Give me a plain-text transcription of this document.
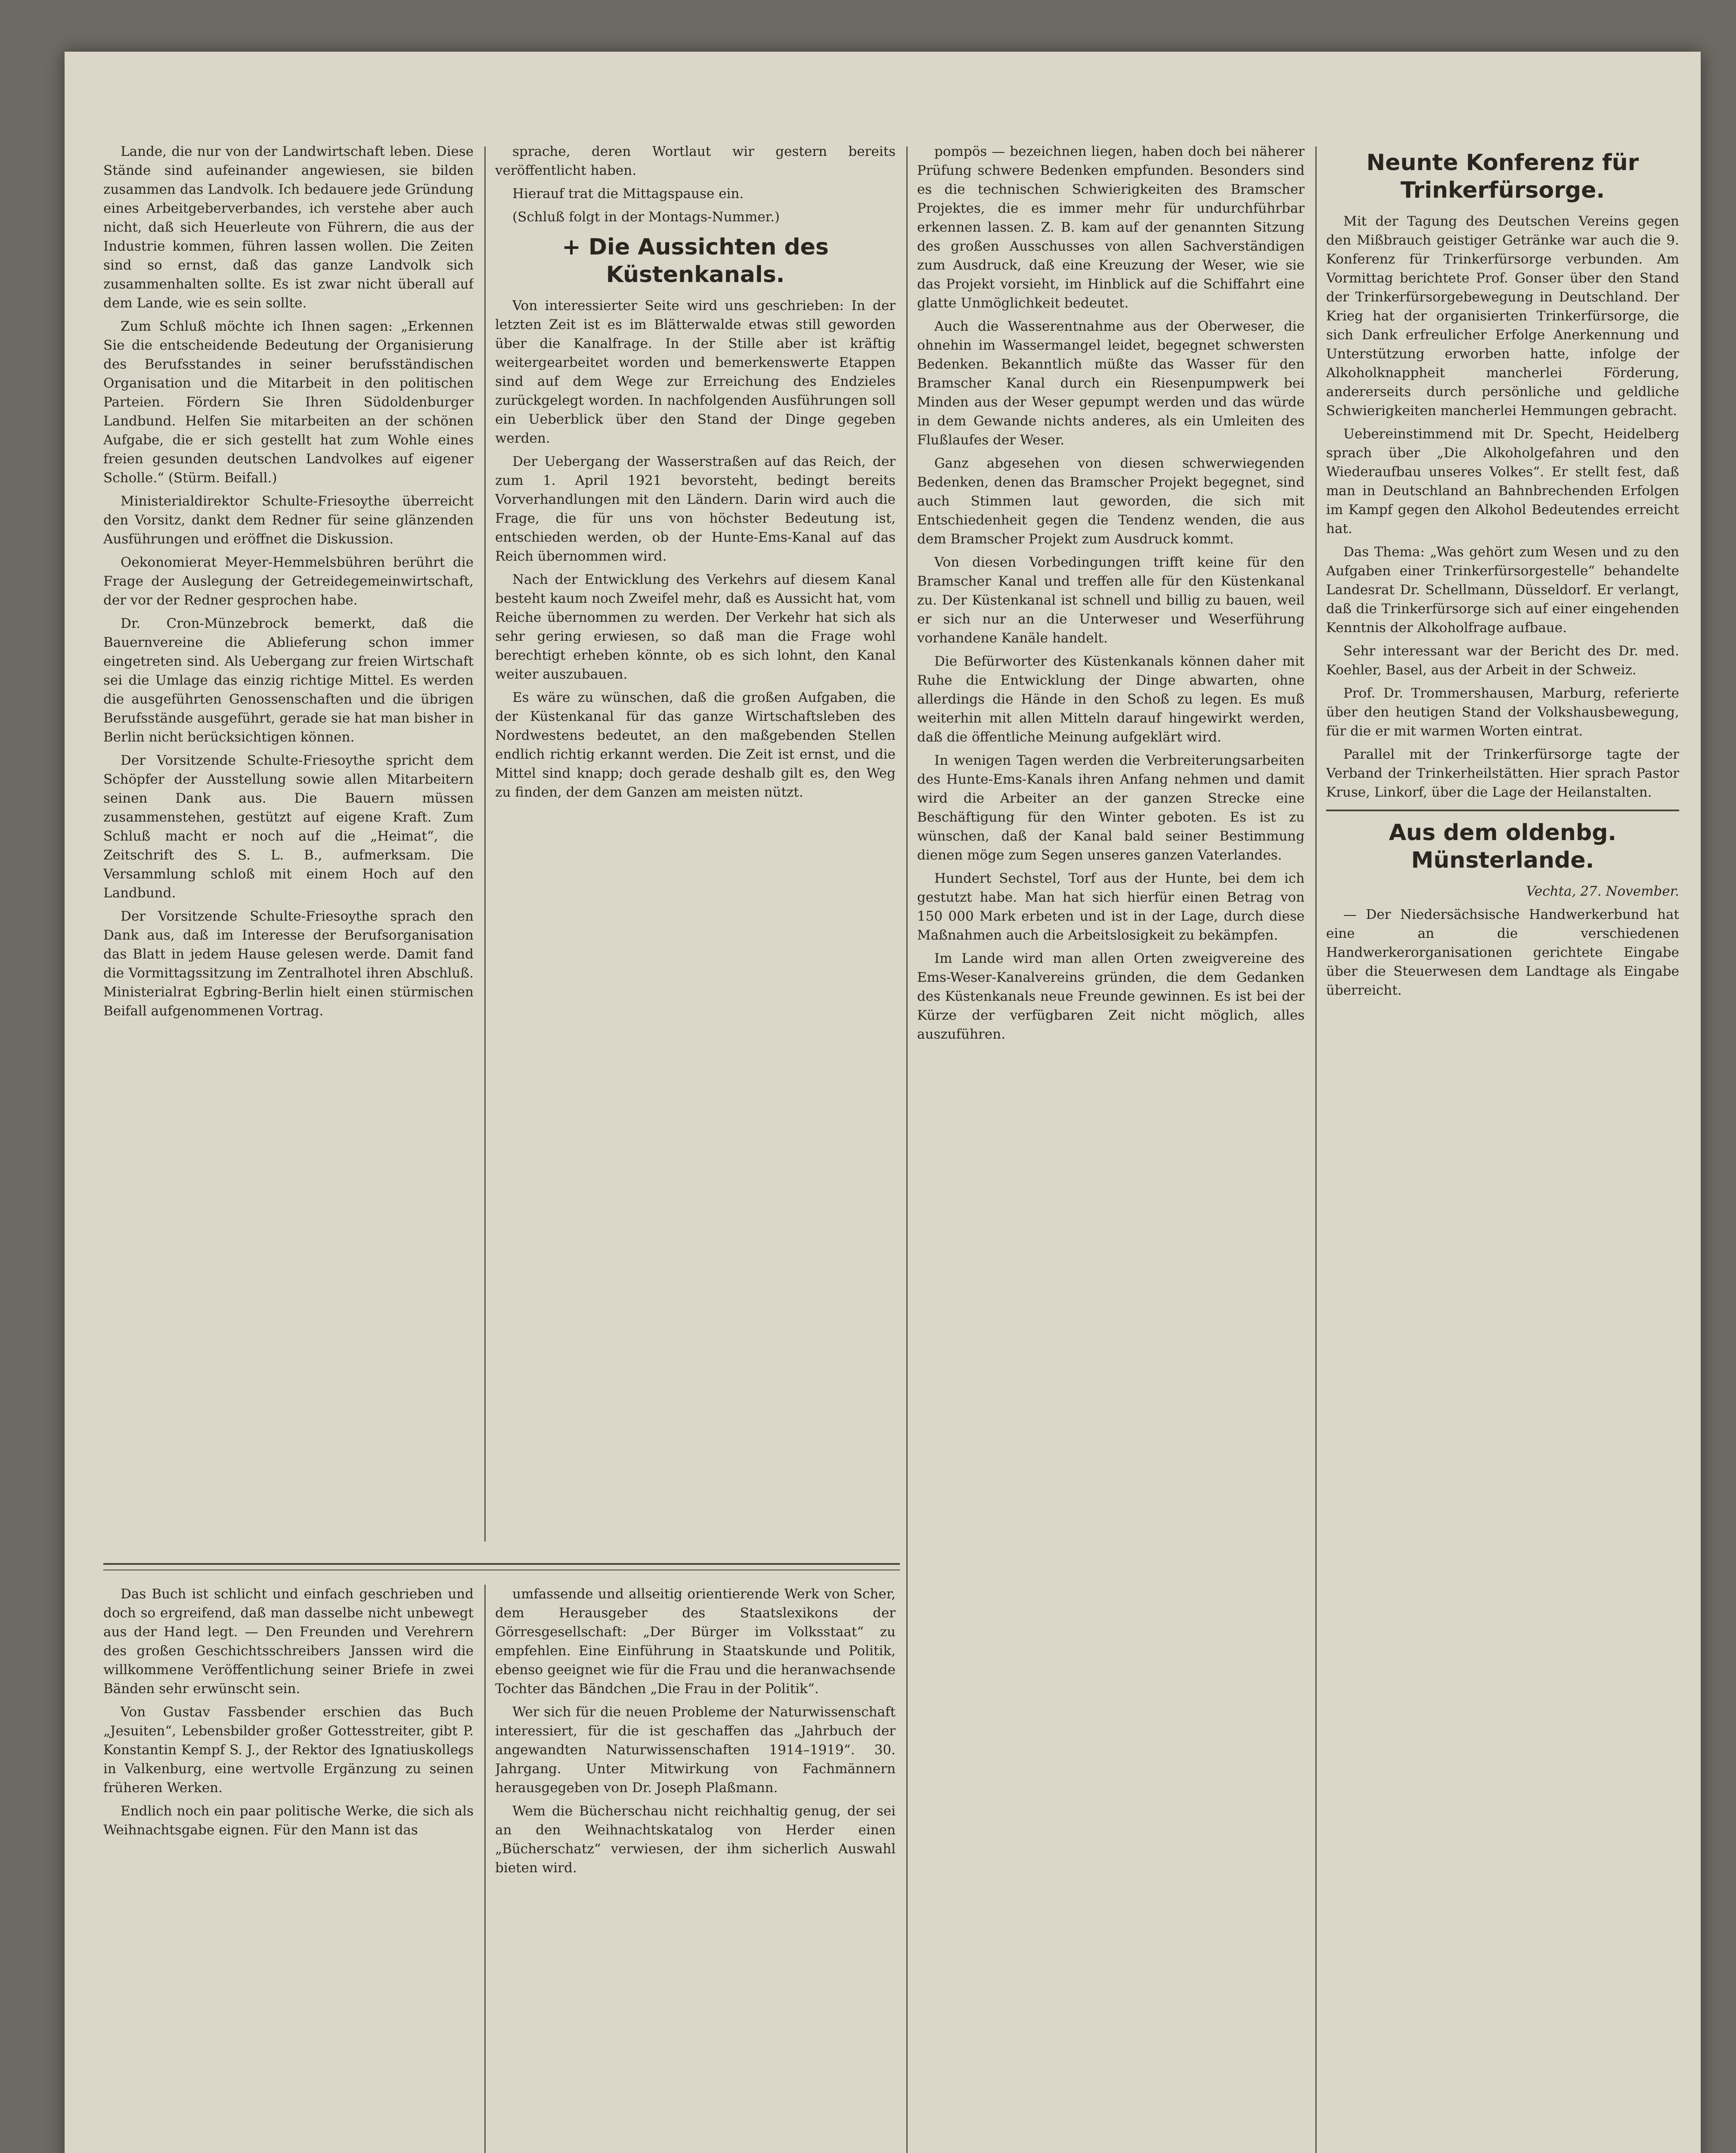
Lande, die nur von der Landwirtschaft leben. Diese Stände sind aufeinander angewiesen, sie bilden zusammen das Landvolk. Ich bedauere jede Gründung eines Arbeitgeberverbandes, ich verstehe aber auch nicht, daß sich Heuerleute von Führern, die aus der Industrie kommen, führen lassen wollen. Die Zeiten sind so ernst, daß das ganze Landvolk sich zusammenhalten sollte. Es ist zwar nicht überall auf dem Lande, wie es sein sollte.

Zum Schluß möchte ich Ihnen sagen: „Erkennen Sie die entscheidende Bedeutung der Organisierung des Berufsstandes in seiner berufsständischen Organisation und die Mitarbeit in den politischen Parteien. Fördern Sie Ihren Südoldenburger Landbund. Helfen Sie mitarbeiten an der schönen Aufgabe, die er sich gestellt hat zum Wohle eines freien gesunden deutschen Landvolkes auf eigener Scholle.“ (Stürm. Beifall.)

Ministerialdirektor Schulte-Friesoythe überreicht den Vorsitz, dankt dem Redner für seine glänzenden Ausführungen und eröffnet die Diskussion.

Oekonomierat Meyer-Hemmelsbühren berührt die Frage der Auslegung der Getreidegemeinwirtschaft, der vor der Redner gesprochen habe.

Dr. Cron-Münzebrock bemerkt, daß die Bauernvereine die Ablieferung schon immer eingetreten sind. Als Uebergang zur freien Wirtschaft sei die Umlage das einzig richtige Mittel. Es werden die ausgeführten Genossenschaften und die übrigen Berufsstände ausgeführt, gerade sie hat man bisher in Berlin nicht berücksichtigen können.

Der Vorsitzende Schulte-Friesoythe spricht dem Schöpfer der Ausstellung sowie allen Mitarbeitern seinen Dank aus. Die Bauern müssen zusammenstehen, gestützt auf eigene Kraft. Zum Schluß macht er noch auf die „Heimat“, die Zeitschrift des S. L. B., aufmerksam. Die Versammlung schloß mit einem Hoch auf den Landbund.

Der Vorsitzende Schulte-Friesoythe sprach den Dank aus, daß im Interesse der Berufsorganisation das Blatt in jedem Hause gelesen werde. Damit fand die Vormittagssitzung im Zentralhotel ihren Abschluß. Ministerialrat Egbring-Berlin hielt einen stürmischen Beifall aufgenommenen Vortrag.

sprache, deren Wortlaut wir gestern bereits veröffentlicht haben.

Hierauf trat die Mittagspause ein.

(Schluß folgt in der Montags-Nummer.)

+ Die Aussichten des Küstenkanals.

Von interessierter Seite wird uns geschrieben: In der letzten Zeit ist es im Blätterwalde etwas still geworden über die Kanalfrage. In der Stille aber ist kräftig weitergearbeitet worden und bemerkenswerte Etappen sind auf dem Wege zur Erreichung des Endzieles zurückgelegt worden. In nachfolgenden Ausführungen soll ein Ueberblick über den Stand der Dinge gegeben werden.

Der Uebergang der Wasserstraßen auf das Reich, der zum 1. April 1921 bevorsteht, bedingt bereits Vorverhandlungen mit den Ländern. Darin wird auch die Frage, die für uns von höchster Bedeutung ist, entschieden werden, ob der Hunte-Ems-Kanal auf das Reich übernommen wird.

Nach der Entwicklung des Verkehrs auf diesem Kanal besteht kaum noch Zweifel mehr, daß es Aussicht hat, vom Reiche übernommen zu werden. Der Verkehr hat sich als sehr gering erwiesen, so daß man die Frage wohl berechtigt erheben könnte, ob es sich lohnt, den Kanal weiter auszubauen.

Es wäre zu wünschen, daß die großen Aufgaben, die der Küstenkanal für das ganze Wirtschaftsleben des Nordwestens bedeutet, an den maßgebenden Stellen endlich richtig erkannt werden. Die Zeit ist ernst, und die Mittel sind knapp; doch gerade deshalb gilt es, den Weg zu finden, der dem Ganzen am meisten nützt.

pompös — bezeichnen liegen, haben doch bei näherer Prüfung schwere Bedenken empfunden. Besonders sind es die technischen Schwierigkeiten des Bramscher Projektes, die es immer mehr für undurchführbar erkennen lassen. Z. B. kam auf der genannten Sitzung des großen Ausschusses von allen Sachverständigen zum Ausdruck, daß eine Kreuzung der Weser, wie sie das Projekt vorsieht, im Hinblick auf die Schiffahrt eine glatte Unmöglichkeit bedeutet.

Auch die Wasserentnahme aus der Oberweser, die ohnehin im Wassermangel leidet, begegnet schwersten Bedenken. Bekanntlich müßte das Wasser für den Bramscher Kanal durch ein Riesenpumpwerk bei Minden aus der Weser gepumpt werden und das würde in dem Gewande nichts anderes, als ein Umleiten des Flußlaufes der Weser.

Ganz abgesehen von diesen schwerwiegenden Bedenken, denen das Bramscher Projekt begegnet, sind auch Stimmen laut geworden, die sich mit Entschiedenheit gegen die Tendenz wenden, die aus dem Bramscher Projekt zum Ausdruck kommt.

Von diesen Vorbedingungen trifft keine für den Bramscher Kanal und treffen alle für den Küstenkanal zu. Der Küstenkanal ist schnell und billig zu bauen, weil er sich nur an die Unterweser und Weserführung vorhandene Kanäle handelt.

Die Befürworter des Küstenkanals können daher mit Ruhe die Entwicklung der Dinge abwarten, ohne allerdings die Hände in den Schoß zu legen. Es muß weiterhin mit allen Mitteln darauf hingewirkt werden, daß die öffentliche Meinung aufgeklärt wird.

In wenigen Tagen werden die Verbreiterungsarbeiten des Hunte-Ems-Kanals ihren Anfang nehmen und damit wird die Arbeiter an der ganzen Strecke eine Beschäftigung für den Winter geboten. Es ist zu wünschen, daß der Kanal bald seiner Bestimmung dienen möge zum Segen unseres ganzen Vaterlandes.

Hundert Sechstel, Torf aus der Hunte, bei dem ich gestutzt habe. Man hat sich hierfür einen Betrag von 150 000 Mark erbeten und ist in der Lage, durch diese Maßnahmen auch die Arbeitslosigkeit zu bekämpfen.

Im Lande wird man allen Orten zweigvereine des Ems-Weser-Kanalvereins gründen, die dem Gedanken des Küstenkanals neue Freunde gewinnen. Es ist bei der Kürze der verfügbaren Zeit nicht möglich, alles auszuführen.

Neunte Konferenz für Trinkerfürsorge.

Mit der Tagung des Deutschen Vereins gegen den Mißbrauch geistiger Getränke war auch die 9. Konferenz für Trinkerfürsorge verbunden. Am Vormittag berichtete Prof. Gonser über den Stand der Trinkerfürsorgebewegung in Deutschland. Der Krieg hat der organisierten Trinkerfürsorge, die sich Dank erfreulicher Erfolge Anerkennung und Unterstützung erworben hatte, infolge der Alkoholknappheit mancherlei Förderung, andererseits durch persönliche und geldliche Schwierigkeiten mancherlei Hemmungen gebracht.

Uebereinstimmend mit Dr. Specht, Heidelberg sprach über „Die Alkoholgefahren und den Wiederaufbau unseres Volkes“. Er stellt fest, daß man in Deutschland an Bahnbrechenden Erfolgen im Kampf gegen den Alkohol Bedeutendes erreicht hat.

Das Thema: „Was gehört zum Wesen und zu den Aufgaben einer Trinkerfürsorgestelle“ behandelte Landesrat Dr. Schellmann, Düsseldorf. Er verlangt, daß die Trinkerfürsorge sich auf einer eingehenden Kenntnis der Alkoholfrage aufbaue.

Sehr interessant war der Bericht des Dr. med. Koehler, Basel, aus der Arbeit in der Schweiz.

Prof. Dr. Trommershausen, Marburg, referierte über den heutigen Stand der Volkshausbewegung, für die er mit warmen Worten eintrat.

Parallel mit der Trinkerfürsorge tagte der Verband der Trinkerheilstätten. Hier sprach Pastor Kruse, Linkorf, über die Lage der Heilanstalten.

Aus dem oldenbg. Münsterlande.

Vechta, 27. November.

— Der Niedersächsische Handwerkerbund hat eine an die verschiedenen Handwerkerorganisationen gerichtete Eingabe über die Steuerwesen dem Landtage als Eingabe überreicht.

Das Buch ist schlicht und einfach geschrieben und doch so ergreifend, daß man dasselbe nicht unbewegt aus der Hand legt. — Den Freunden und Verehrern des großen Geschichtsschreibers Janssen wird die willkommene Veröffentlichung seiner Briefe in zwei Bänden sehr erwünscht sein.

Von Gustav Fassbender erschien das Buch „Jesuiten“, Lebensbilder großer Gottesstreiter, gibt P. Konstantin Kempf S. J., der Rektor des Ignatiuskollegs in Valkenburg, eine wertvolle Ergänzung zu seinen früheren Werken.

Endlich noch ein paar politische Werke, die sich als Weihnachtsgabe eignen. Für den Mann ist das

umfassende und allseitig orientierende Werk von Scher, dem Herausgeber des Staatslexikons der Görresgesellschaft: „Der Bürger im Volksstaat“ zu empfehlen. Eine Einführung in Staatskunde und Politik, ebenso geeignet wie für die Frau und die heranwachsende Tochter das Bändchen „Die Frau in der Politik“.

Wer sich für die neuen Probleme der Naturwissenschaft interessiert, für die ist geschaffen das „Jahrbuch der angewandten Naturwissenschaften 1914–1919“. 30. Jahrgang. Unter Mitwirkung von Fachmännern herausgegeben von Dr. Joseph Plaßmann.

Wem die Bücherschau nicht reichhaltig genug, der sei an den Weihnachtskatalog von Herder einen „Bücherschatz“ verwiesen, der ihm sicherlich Auswahl bieten wird.
